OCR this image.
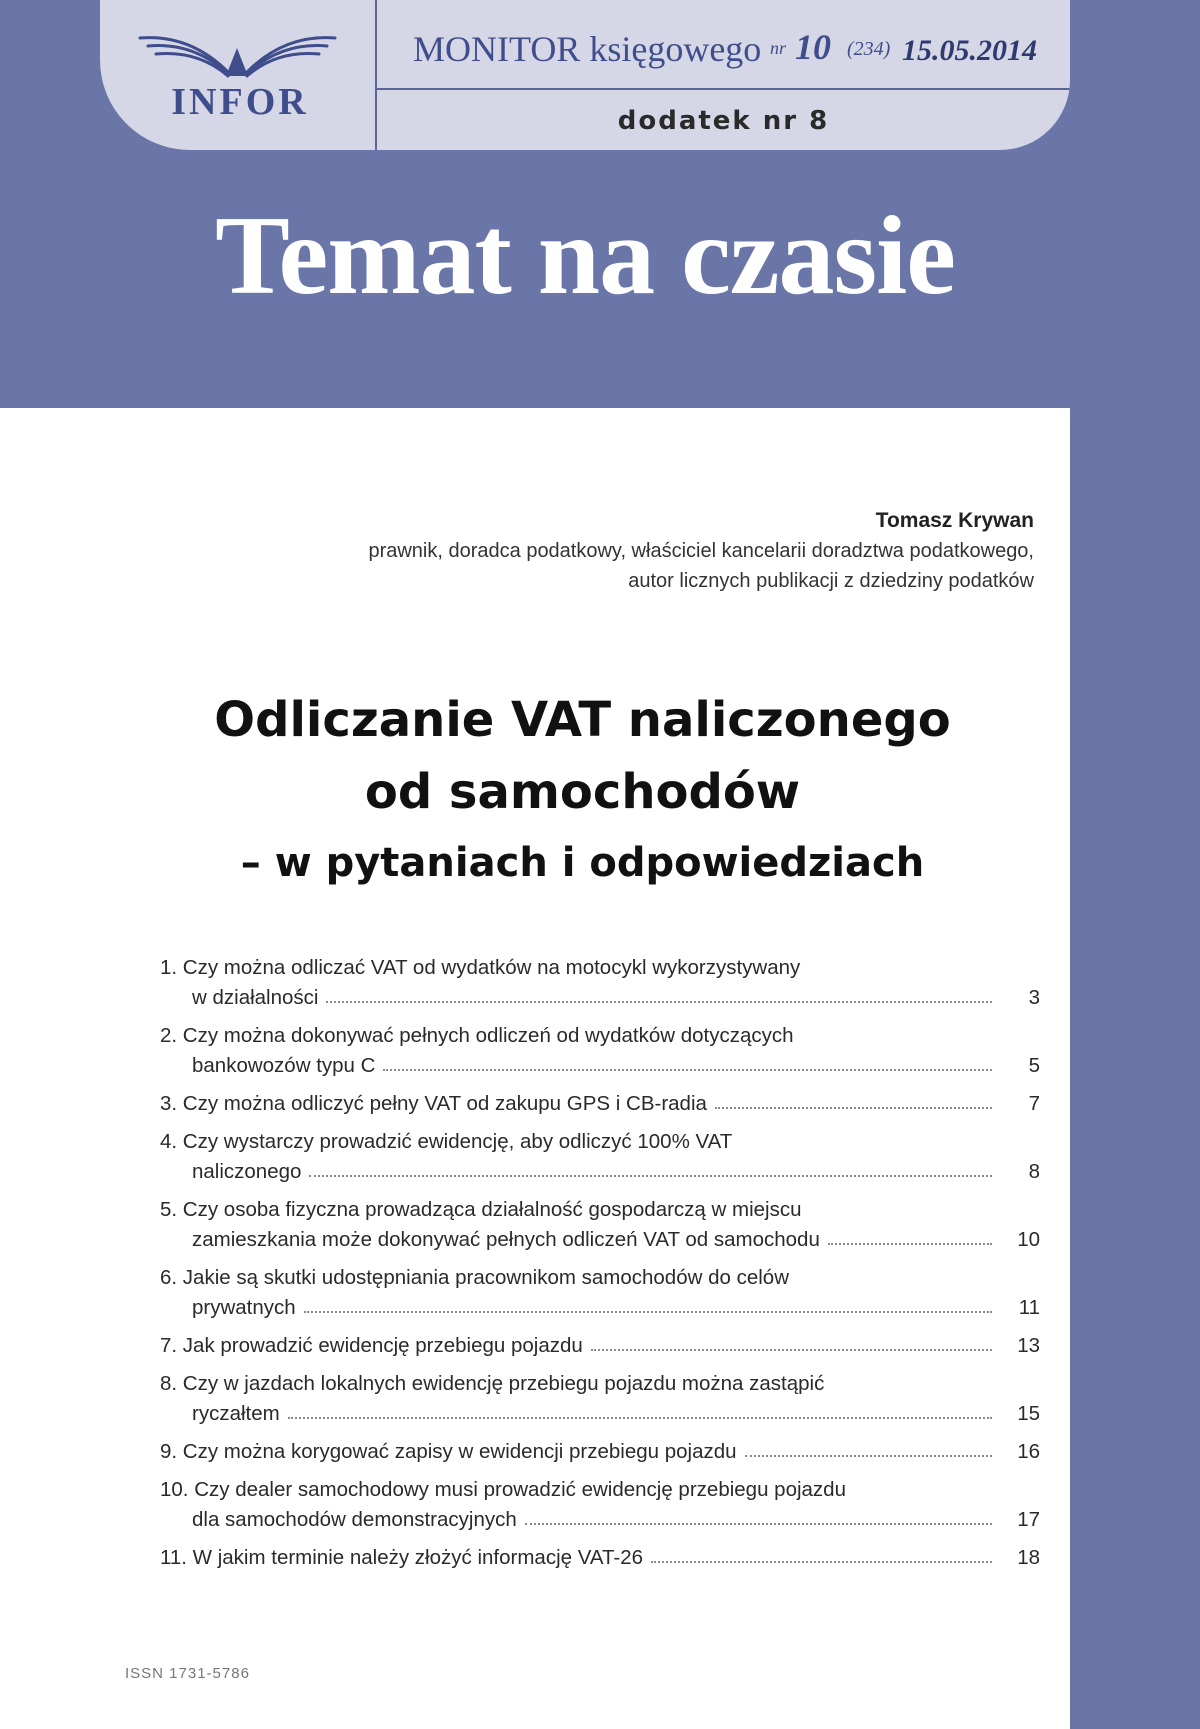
INFOR
MONITOR księgowego nr 10 (234) 15.05.2014
dodatek nr 8
Temat na czasie
Tomasz Krywan
prawnik, doradca podatkowy, właściciel kancelarii doradztwa podatkowego,
autor licznych publikacji z dziedziny podatków
Odliczanie VAT naliczonego
od samochodów
– w pytaniach i odpowiedziach
1. Czy można odliczać VAT od wydatków na motocykl wykorzystywany
w działalności	3
2. Czy można dokonywać pełnych odliczeń od wydatków dotyczących
bankowozów typu C	5
3. Czy można odliczyć pełny VAT od zakupu GPS i CB-radia	7
4. Czy wystarczy prowadzić ewidencję, aby odliczyć 100% VAT
naliczonego	8
5. Czy osoba fizyczna prowadząca działalność gospodarczą w miejscu
zamieszkania może dokonywać pełnych odliczeń VAT od samochodu	10
6. Jakie są skutki udostępniania pracownikom samochodów do celów
prywatnych	11
7. Jak prowadzić ewidencję przebiegu pojazdu	13
8. Czy w jazdach lokalnych ewidencję przebiegu pojazdu można zastąpić
ryczałtem	15
9. Czy można korygować zapisy w ewidencji przebiegu pojazdu	16
10. Czy dealer samochodowy musi prowadzić ewidencję przebiegu pojazdu
dla samochodów demonstracyjnych	17
11. W jakim terminie należy złożyć informację VAT-26	18
ISSN 1731-5786
